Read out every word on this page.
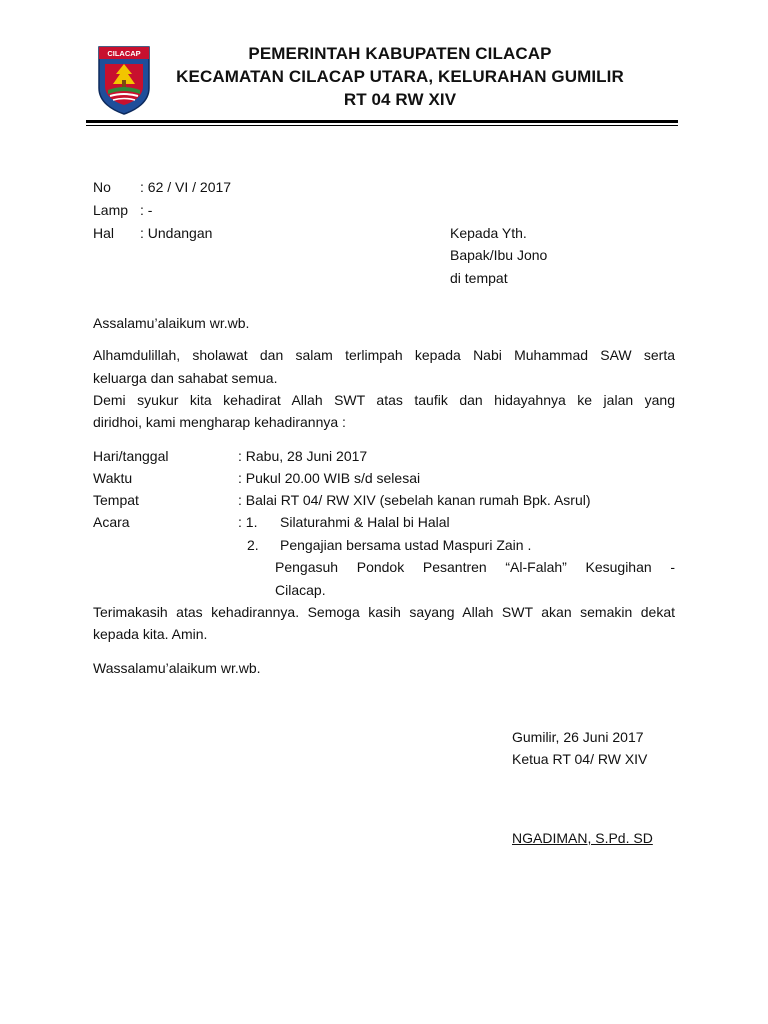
CILACAP	PEMERINTAH KABUPATEN CILACAP
KECAMATAN CILACAP UTARA, KELURAHAN GUMILIR
RT 04 RW XIV
No : 62 / VI / 2017
Lamp : -
Hal : Undangan	Kepada Yth.
Bapak/Ibu Jono
di tempat
Assalamu’alaikum wr.wb.
Alhamdulillah, sholawat dan salam terlimpah kepada Nabi Muhammad SAW serta
keluarga dan sahabat semua.
Demi syukur kita kehadirat Allah SWT atas taufik dan hidayahnya ke jalan yang
diridhoi, kami mengharap kehadirannya :
Hari/tanggal	: Rabu, 28 Juni 2017
Waktu	: Pukul 20.00 WIB s/d selesai
Tempat	: Balai RT 04/ RW XIV (sebelah kanan rumah Bpk. Asrul)
Acara	: 1. Silaturahmi & Halal bi Halal
2. Pengajian bersama ustad Maspuri Zain .
Pengasuh Pondok Pesantren “Al-Falah” Kesugihan -
Cilacap.
Terimakasih atas kehadirannya. Semoga kasih sayang Allah SWT akan semakin dekat
kepada kita. Amin.
Wassalamu’alaikum wr.wb.
Gumilir, 26 Juni 2017
Ketua RT 04/ RW XIV
NGADIMAN, S.Pd. SD
